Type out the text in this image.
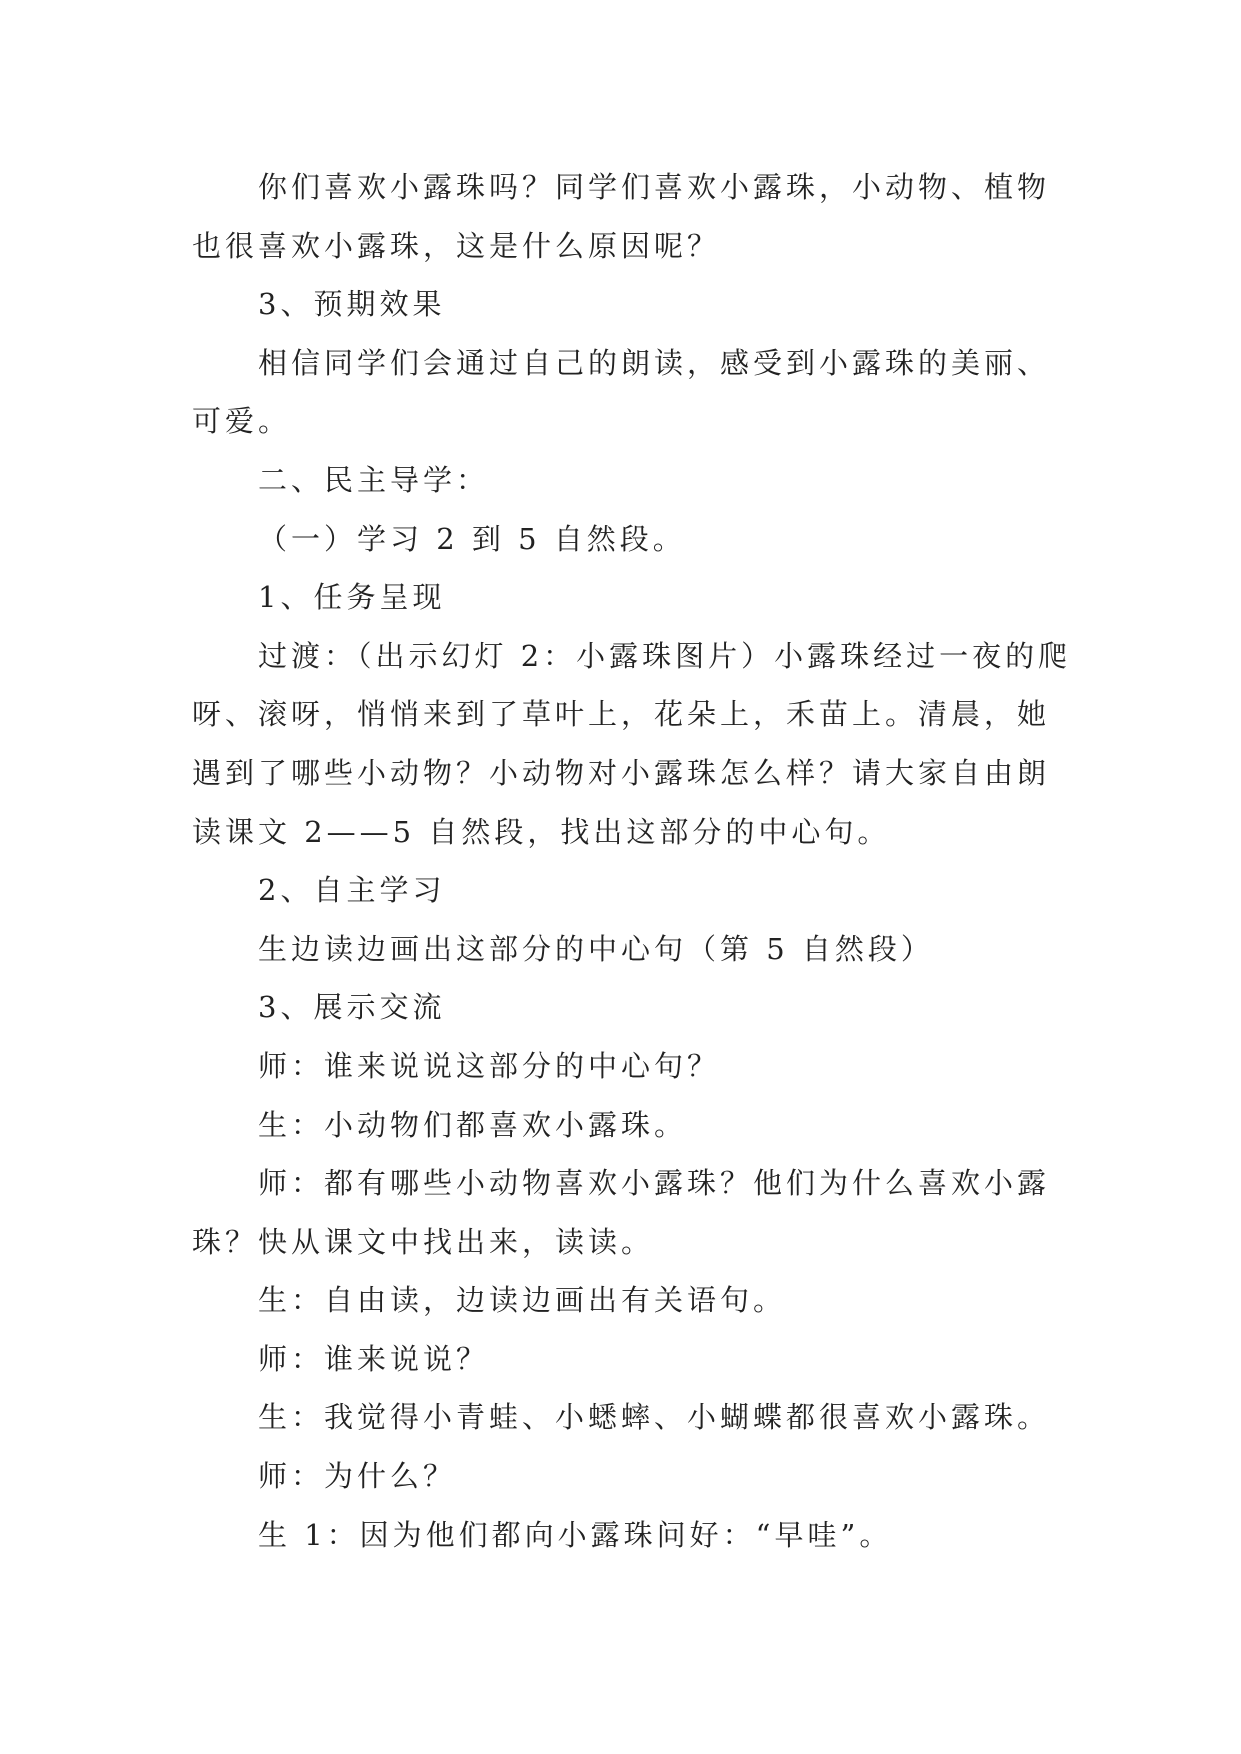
你们喜欢小露珠吗？同学们喜欢小露珠，小动物、植物也很喜欢小露珠，这是什么原因呢？

3、预期效果

相信同学们会通过自己的朗读，感受到小露珠的美丽、可爱。

二、民主导学：

（一）学习 2 到 5 自然段。

1、任务呈现

过渡：（出示幻灯 2：小露珠图片）小露珠经过一夜的爬呀、滚呀，悄悄来到了草叶上，花朵上，禾苗上。清晨，她遇到了哪些小动物？小动物对小露珠怎么样？请大家自由朗读课文 2——5 自然段，找出这部分的中心句。

2、自主学习

生边读边画出这部分的中心句（第 5 自然段）

3、展示交流

师：谁来说说这部分的中心句？

生：小动物们都喜欢小露珠。

师：都有哪些小动物喜欢小露珠？他们为什么喜欢小露珠？快从课文中找出来，读读。

生：自由读，边读边画出有关语句。

师：谁来说说？

生：我觉得小青蛙、小蟋蟀、小蝴蝶都很喜欢小露珠。

师：为什么？

生 1：因为他们都向小露珠问好：“早哇”。
